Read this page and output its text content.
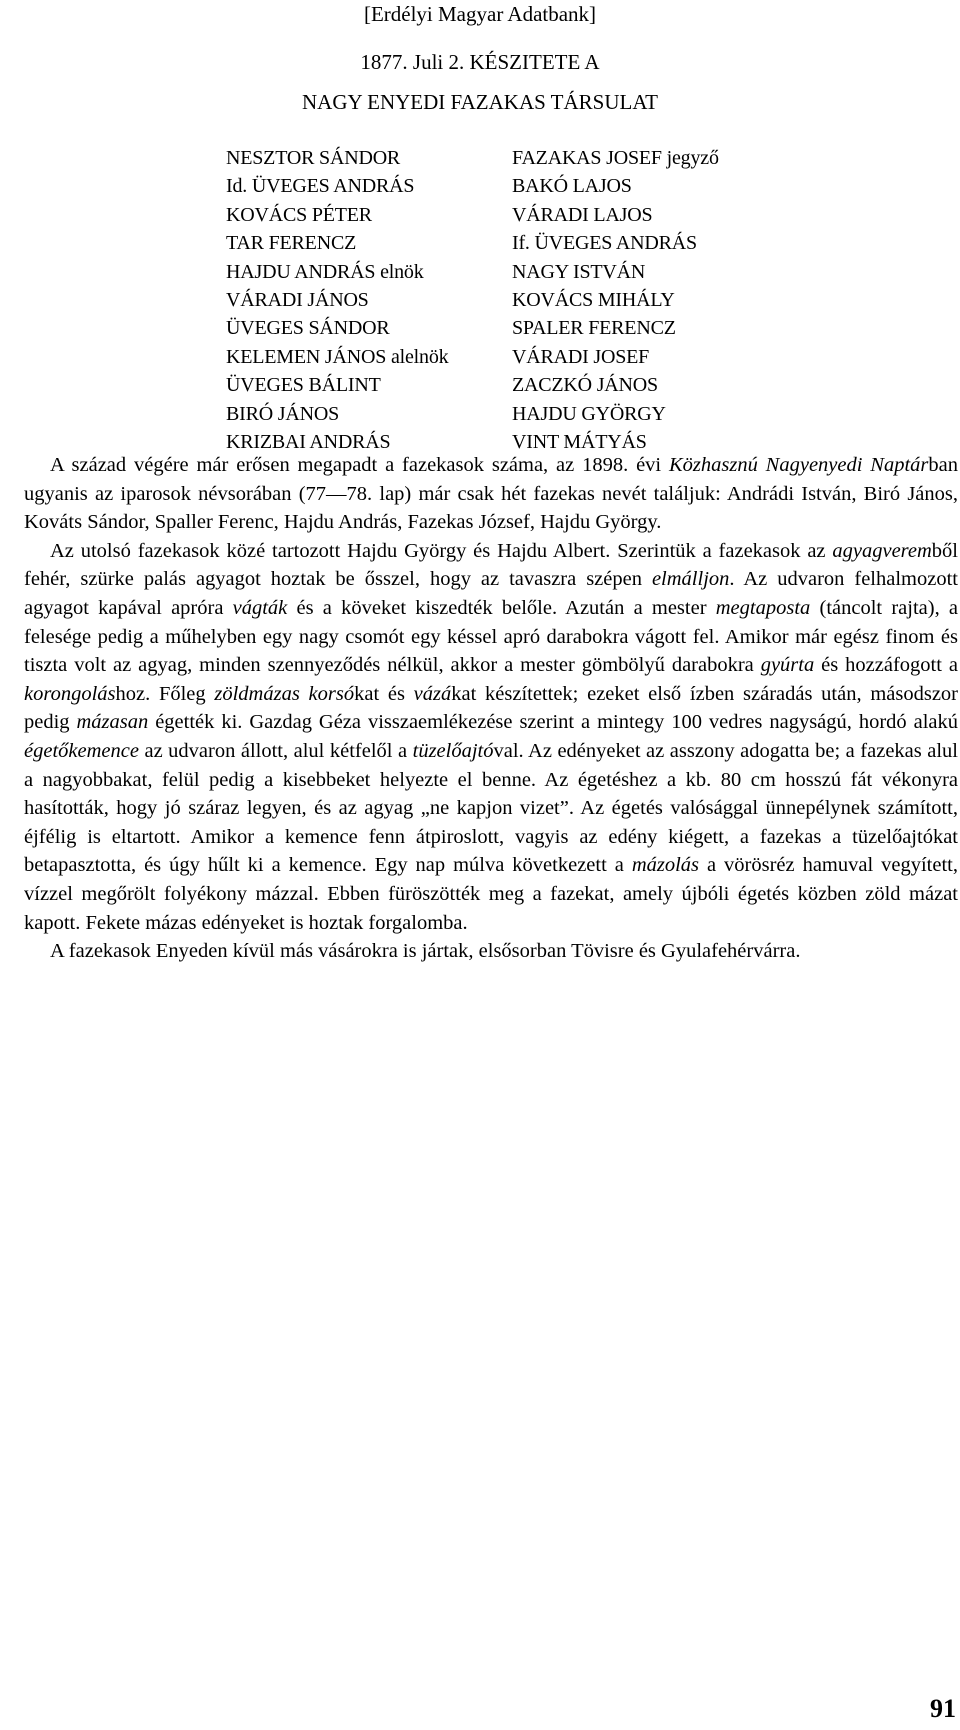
[Erdélyi Magyar Adatbank]
1877. Juli 2. KÉSZITETE A
NAGY ENYEDI FAZAKAS TÁRSULAT
NESZTOR SÁNDOR
Id. ÜVEGES ANDRÁS
KOVÁCS PÉTER
TAR FERENCZ
HAJDU ANDRÁS elnök
VÁRADI JÁNOS
ÜVEGES SÁNDOR
KELEMEN JÁNOS alelnök
ÜVEGES BÁLINT
BIRÓ JÁNOS
KRIZBAI ANDRÁS
FAZAKAS JOSEF jegyző
BAKÓ LAJOS
VÁRADI LAJOS
If. ÜVEGES ANDRÁS
NAGY ISTVÁN
KOVÁCS MIHÁLY
SPALER FERENCZ
VÁRADI JOSEF
ZACZKÓ JÁNOS
HAJDU GYÖRGY
VINT MÁTYÁS

A század végére már erősen megapadt a fazekasok száma, az 1898. évi Közhasznú Nagyenyedi Naptárban ugyanis az iparosok névsorában (77—78. lap) már csak hét fazekas nevét találjuk: Andrádi István, Biró János, Kováts Sándor, Spaller Ferenc, Hajdu András, Fazekas József, Hajdu György.

Az utolsó fazekasok közé tartozott Hajdu György és Hajdu Albert. Szerintük a fazekasok az agyagveremből fehér, szürke palás agyagot hoztak be ősszel, hogy az tavaszra szépen elmálljon. Az udvaron felhalmozott agyagot kapával apróra vágták és a köveket kiszedték belőle. Azután a mester megtaposta (táncolt rajta), a felesége pedig a műhelyben egy nagy csomót egy késsel apró darabokra vágott fel. Amikor már egész finom és tiszta volt az agyag, minden szennyeződés nélkül, akkor a mester gömbölyű darabokra gyúrta és hozzáfogott a korongoláshoz. Főleg zöldmázas korsókat és vázákat készítettek; ezeket első ízben száradás után, másodszor pedig mázasan égették ki. Gazdag Géza visszaemlékezése szerint a mintegy 100 vedres nagyságú, hordó alakú égetőkemence az udvaron állott, alul kétfelől a tüzelőajtóval. Az edényeket az asszony adogatta be; a fazekas alul a nagyobbakat, felül pedig a kisebbeket helyezte el benne. Az égetéshez a kb. 80 cm hosszú fát vékonyra hasították, hogy jó száraz legyen, és az agyag „ne kapjon vizet”. Az égetés valósággal ünnepélynek számított, éjfélig is eltartott. Amikor a kemence fenn átpiroslott, vagyis az edény kiégett, a fazekas a tüzelőajtókat betapasztotta, és úgy hűlt ki a kemence. Egy nap múlva következett a mázolás a vörösréz hamuval vegyített, vízzel megőrölt folyékony mázzal. Ebben füröszötték meg a fazekat, amely újbóli égetés közben zöld mázat kapott. Fekete mázas edényeket is hoztak forgalomba.

A fazekasok Enyeden kívül más vásárokra is jártak, elsősorban Tövisre és Gyulafehérvárra.

91
